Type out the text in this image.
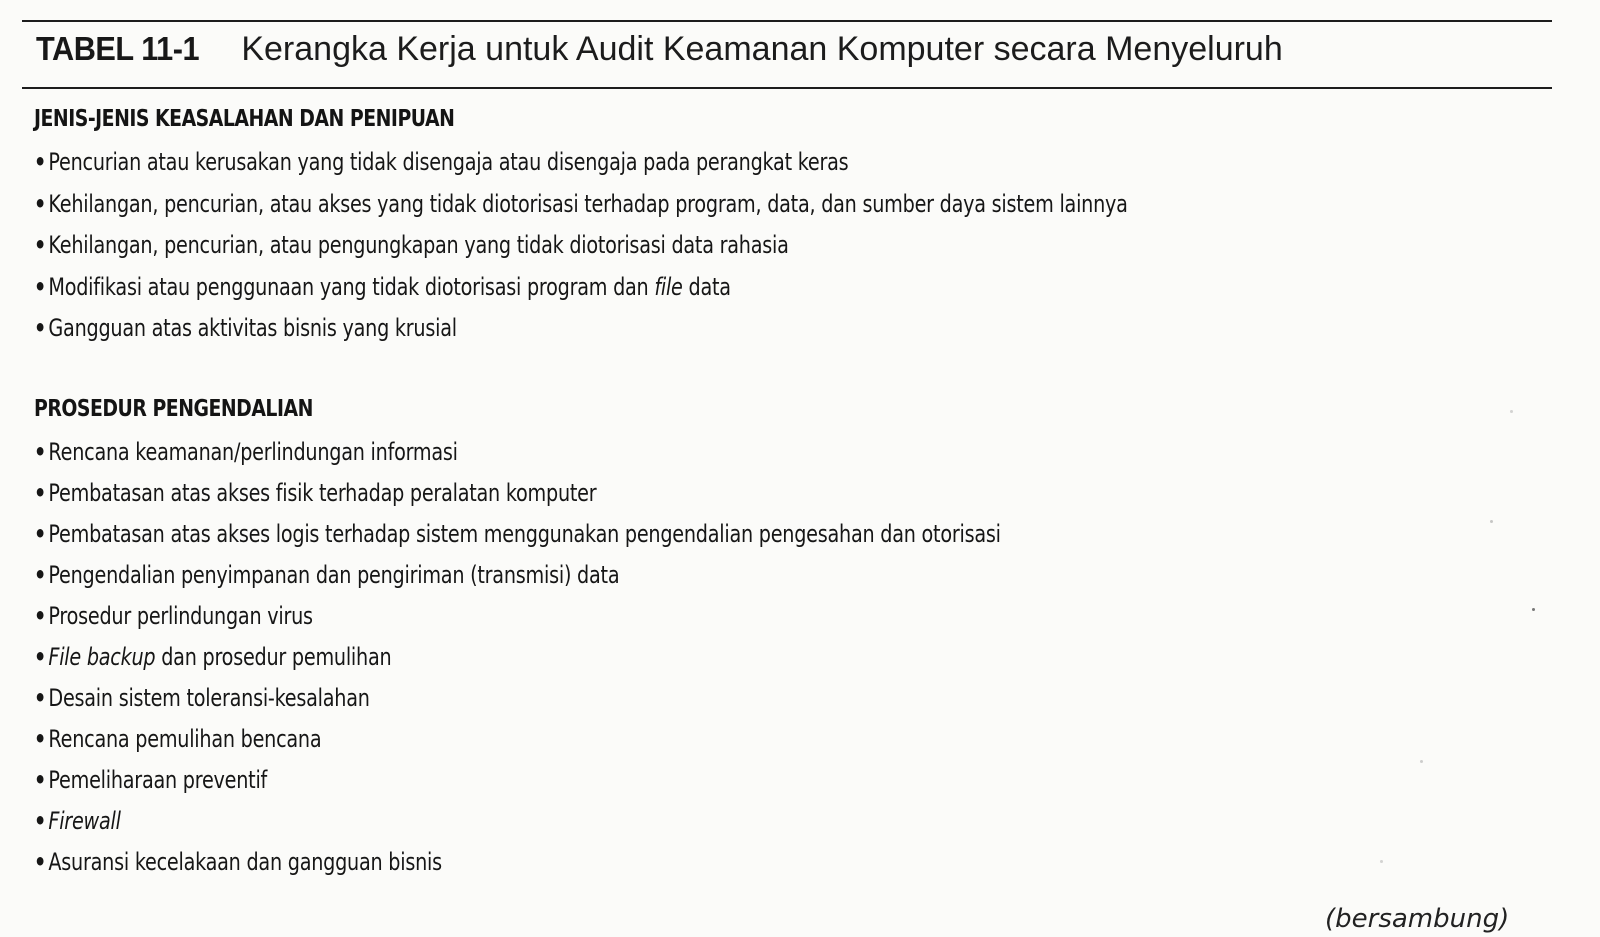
TABEL 11-1 Kerangka Kerja untuk Audit Keamanan Komputer secara Menyeluruh
JENIS-JENIS KEASALAHAN DAN PENIPUAN
•Pencurian atau kerusakan yang tidak disengaja atau disengaja pada perangkat keras
•Kehilangan, pencurian, atau akses yang tidak diotorisasi terhadap program, data, dan sumber daya sistem lainnya
•Kehilangan, pencurian, atau pengungkapan yang tidak diotorisasi data rahasia
•Modifikasi atau penggunaan yang tidak diotorisasi program dan file data
•Gangguan atas aktivitas bisnis yang krusial
PROSEDUR PENGENDALIAN
•Rencana keamanan/perlindungan informasi
•Pembatasan atas akses fisik terhadap peralatan komputer
•Pembatasan atas akses logis terhadap sistem menggunakan pengendalian pengesahan dan otorisasi
•Pengendalian penyimpanan dan pengiriman (transmisi) data
•Prosedur perlindungan virus
•File backup dan prosedur pemulihan
•Desain sistem toleransi-kesalahan
•Rencana pemulihan bencana
•Pemeliharaan preventif
•Firewall
•Asuransi kecelakaan dan gangguan bisnis
(bersambung)
